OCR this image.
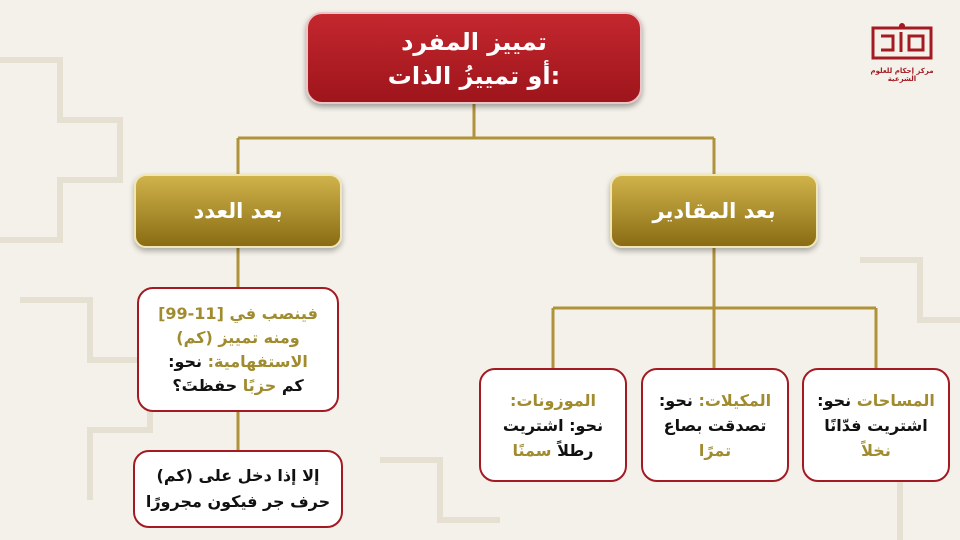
مركز إحكام للعلوم الشرعية
تمييز المفرد
أو تمييزُ الذات:
بعد المقادير
بعد العدد
المساحات نحو:
اشتريت فدّانًا
نخلاً
المكيلات: نحو:
تصدقت بصاع
تمرًا
الموزونات:
نحو: اشتريت
رطلاً سمنًا
فينصب في [11-99]
ومنه تمييز (كم)
الاستفهامية: نحو:
كم حزبًا حفظتَ؟
إلا إذا دخل على (كم)
حرف جر فيكون مجرورًا
